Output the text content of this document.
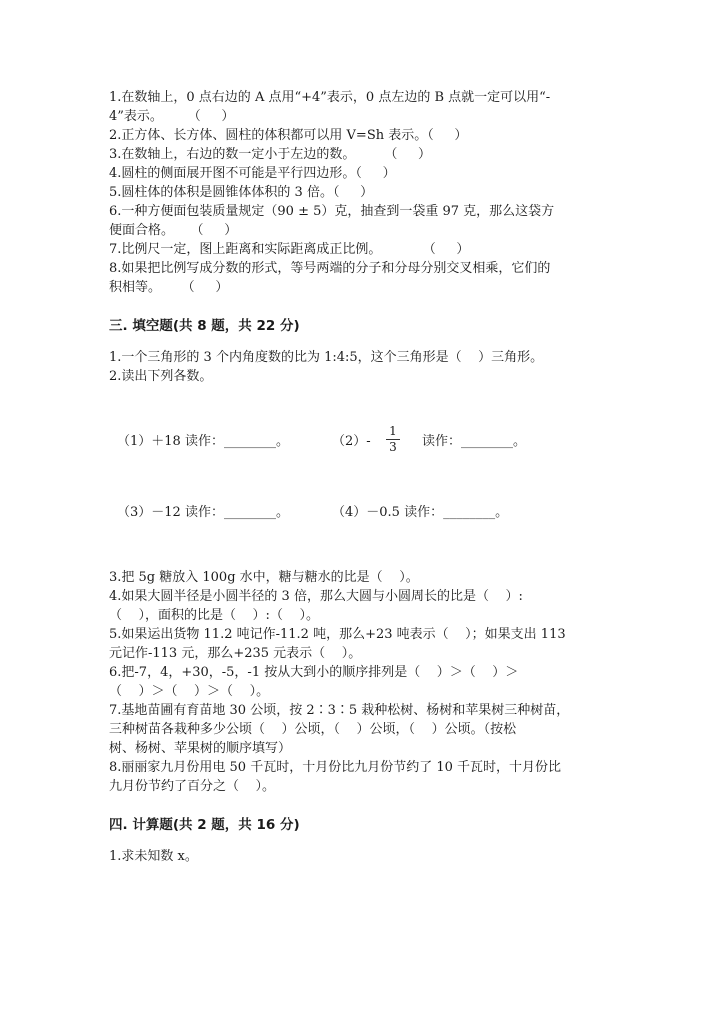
1.在数轴上，0 点右边的 A 点用“+4”表示，0 点左边的 B 点就一定可以用“-
4”表示。      （     ）
2.正方体、长方体、圆柱的体积都可以用 V=Sh 表示。（     ）
3.在数轴上，右边的数一定小于左边的数。       （     ）
4.圆柱的侧面展开图不可能是平行四边形。（     ）
5.圆柱体的体积是圆锥体体积的 3 倍。（     ）
6.一种方便面包装质量规定（90 ± 5）克，抽查到一袋重 97 克，那么这袋方
便面合格。    （     ）
7.比例尺一定，图上距离和实际距离成正比例。          （     ）
8.如果把比例写成分数的形式，等号两端的分子和分母分别交叉相乘，它们的
积相等。     （     ）
三. 填空题(共 8 题，共 22 分)
1.一个三角形的 3 个内角度数的比为 1:4:5，这个三角形是（    ）三角形。
2.读出下列各数。
（1）＋18 读作：________。	（2）-
1
3 读作：________。
（3）－12 读作：________。	（4）－0.5 读作：________。
3.把 5g 糖放入 100g 水中，糖与糖水的比是（    ）。
4.如果大圆半径是小圆半径的 3 倍，那么大圆与小圆周长的比是（    ）:
（    ），面积的比是（    ）:（    ）。
5.如果运出货物 11.2 吨记作-11.2 吨，那么+23 吨表示（    ）；如果支出 113
元记作-113 元，那么+235 元表示（    ）。
6.把-7，4，+30，-5，-1 按从大到小的顺序排列是（    ）＞（    ）＞
（    ）＞（    ）＞（    ）。
7.基地苗圃有育苗地 30 公顷，按 2∶3∶5 栽种松树、杨树和苹果树三种树苗，
三种树苗各栽种多少公顷（    ）公顷，（    ）公顷，（    ）公顷。（按松
树、杨树、苹果树的顺序填写）
8.丽丽家九月份用电 50 千瓦时，十月份比九月份节约了 10 千瓦时，十月份比
九月份节约了百分之（    ）。
四. 计算题(共 2 题，共 16 分)
1.求未知数 x。
